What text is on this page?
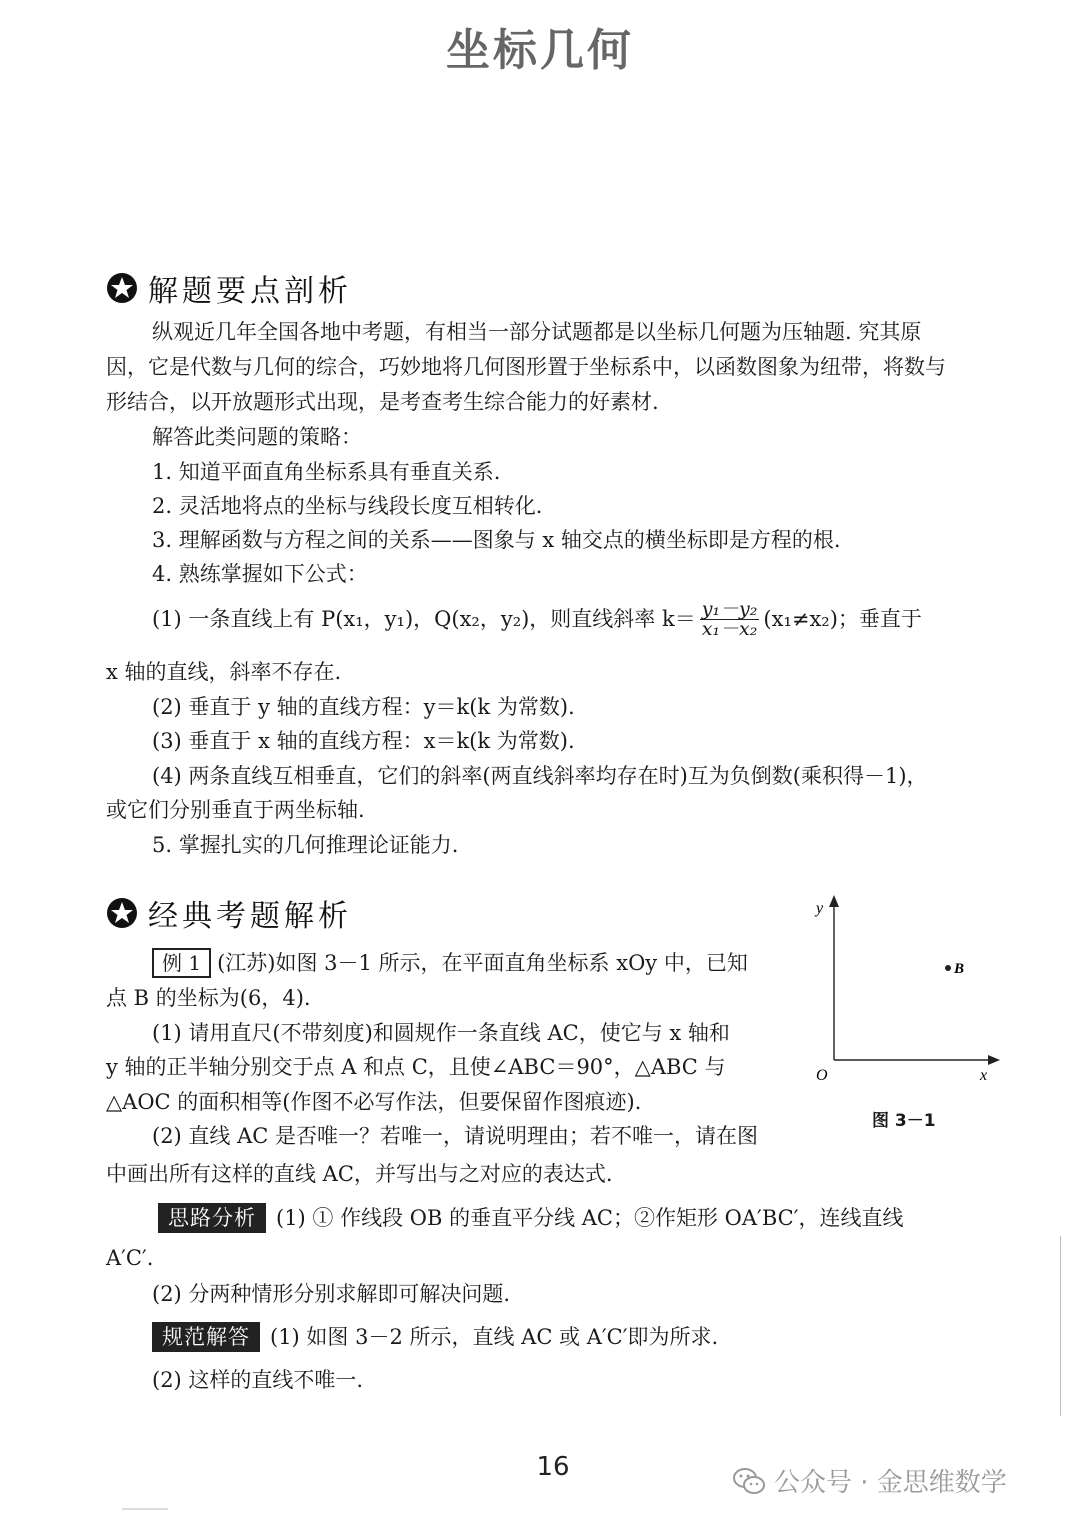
坐标几何
解题要点剖析
纵观近几年全国各地中考题，有相当一部分试题都是以坐标几何题为压轴题. 究其原
因，它是代数与几何的综合，巧妙地将几何图形置于坐标系中，以函数图象为纽带，将数与
形结合，以开放题形式出现，是考查考生综合能力的好素材.
解答此类问题的策略：
1. 知道平面直角坐标系具有垂直关系.
2. 灵活地将点的坐标与线段长度互相转化.
3. 理解函数与方程之间的关系——图象与 x 轴交点的横坐标即是方程的根.
4. 熟练掌握如下公式：
(1) 一条直线上有 P(x₁，y₁)，Q(x₂，y₂)，则直线斜率 $k= \frac{\text{y₁－y₂}}{\text{x₁－x₂}} (x_1\ne x_2)$；垂直于
x 轴的直线，斜率不存在.
(2) 垂直于 y 轴的直线方程：y＝k(k 为常数).
(3) 垂直于 x 轴的直线方程：x＝k(k 为常数).
(4) 两条直线互相垂直，它们的斜率(两直线斜率均存在时)互为负倒数(乘积得－1)，
或它们分别垂直于两坐标轴.
5. 掌握扎实的几何推理论证能力.
经典考题解析
例 1 (江苏)如图 3－1 所示，在平面直角坐标系 xOy 中，已知
点 B 的坐标为(6，4).
(1) 请用直尺(不带刻度)和圆规作一条直线 AC，使它与 x 轴和
y 轴的正半轴分别交于点 A 和点 C，且使∠ABC＝90°，△ABC 与
△AOC 的面积相等(作图不必写作法，但要保留作图痕迹).
(2) 直线 AC 是否唯一？若唯一，请说明理由；若不唯一，请在图
中画出所有这样的直线 AC，并写出与之对应的表达式.
思路分析 (1) ① 作线段 OB 的垂直平分线 AC；②作矩形 OA′BC′，连线直线
A′C′.
(2) 分两种情形分别求解即可解决问题.
规范解答 (1) 如图 3－2 所示，直线 AC 或 A′C′即为所求.
(2) 这样的直线不唯一.
y
x
O
B
图 3－1
16
公众号 · 金思维数学
